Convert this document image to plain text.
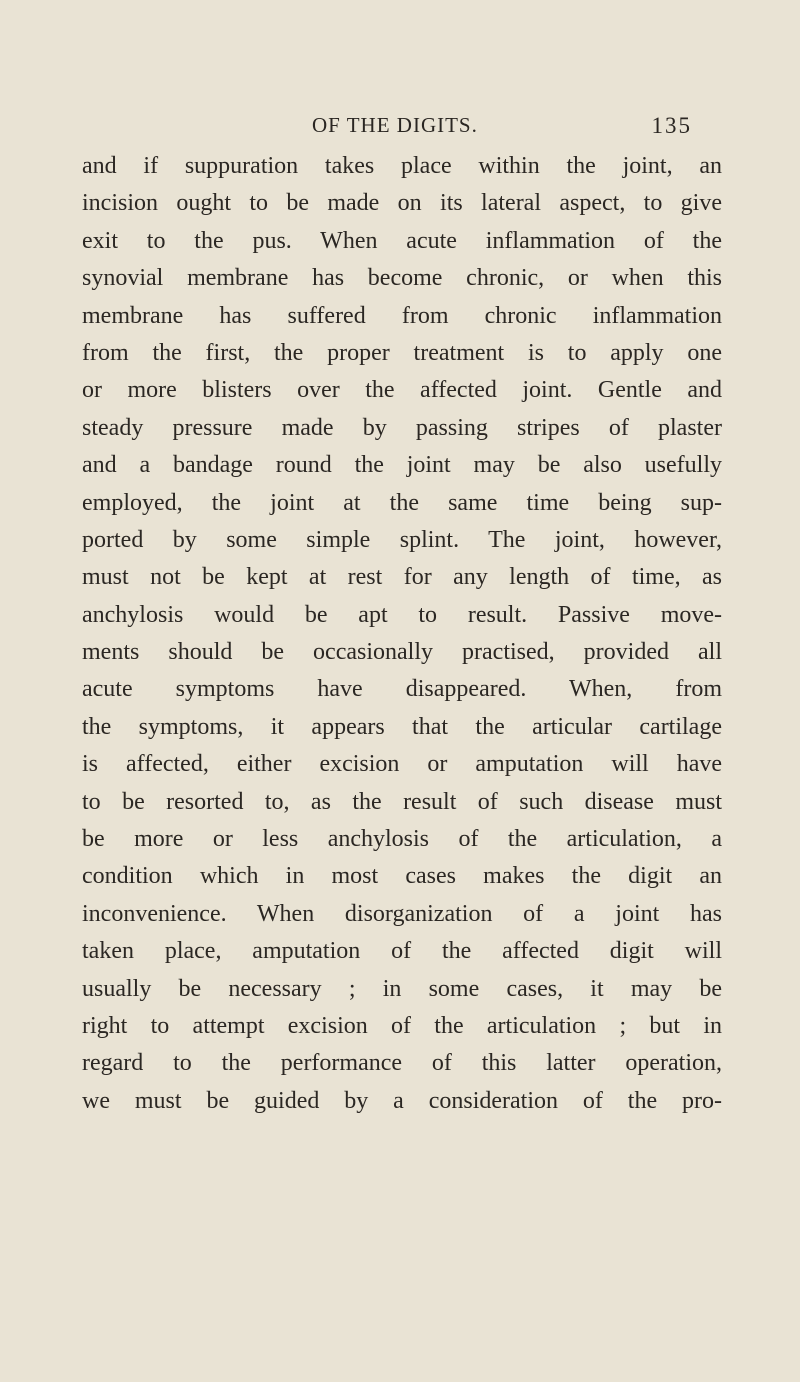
OF THE DIGITS.	135
and if suppuration takes place within the joint, an
incision ought to be made on its lateral aspect, to give
exit to the pus. When acute inflammation of the
synovial membrane has become chronic, or when this
membrane has suffered from chronic inflammation
from the first, the proper treatment is to apply one
or more blisters over the affected joint. Gentle and
steady pressure made by passing stripes of plaster
and a bandage round the joint may be also usefully
employed, the joint at the same time being sup-
ported by some simple splint. The joint, however,
must not be kept at rest for any length of time, as
anchylosis would be apt to result. Passive move-
ments should be occasionally practised, provided all
acute symptoms have disappeared. When, from
the symptoms, it appears that the articular cartilage
is affected, either excision or amputation will have
to be resorted to, as the result of such disease must
be more or less anchylosis of the articulation, a
condition which in most cases makes the digit an
inconvenience. When disorganization of a joint has
taken place, amputation of the affected digit will
usually be necessary ; in some cases, it may be
right to attempt excision of the articulation ; but in
regard to the performance of this latter operation,
we must be guided by a consideration of the pro-
